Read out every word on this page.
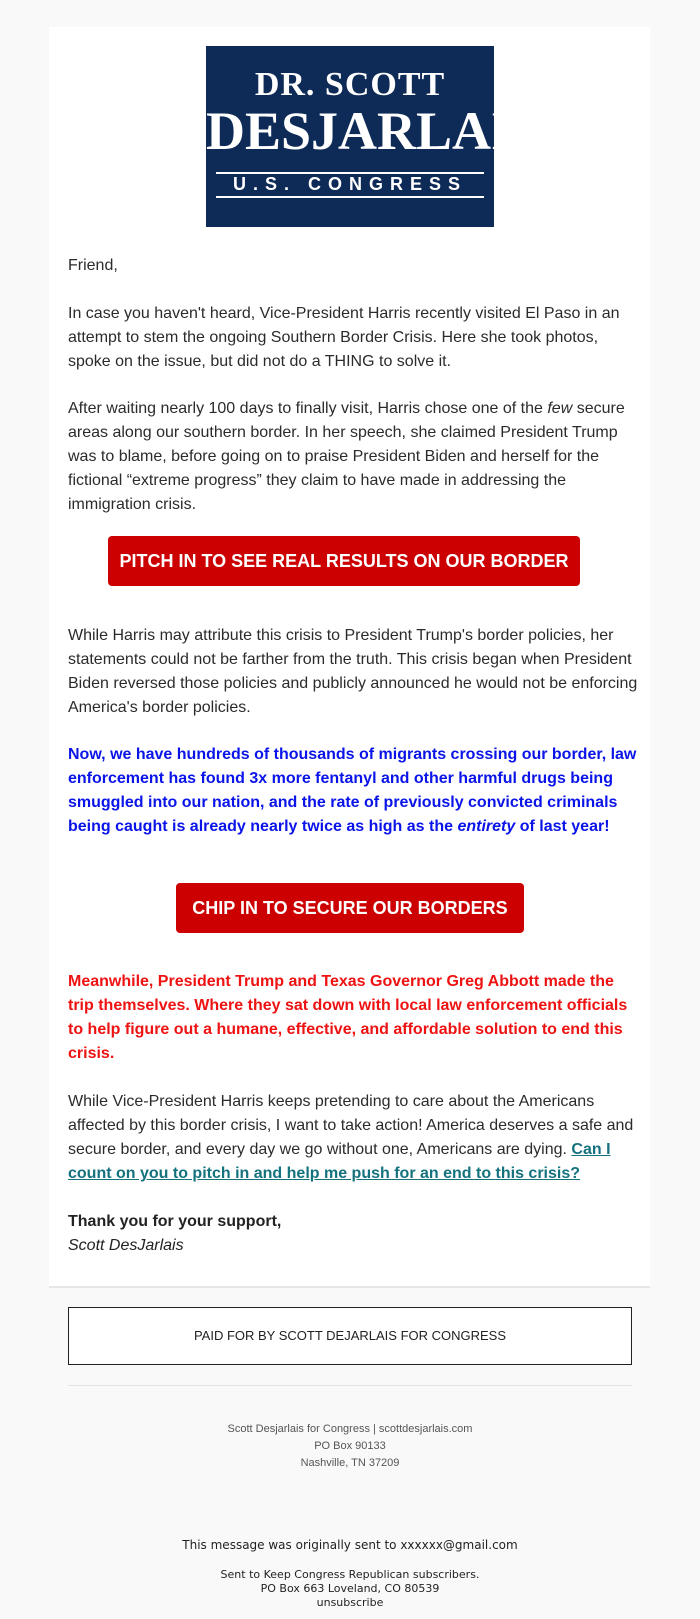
DR. SCOTT
DESJARLAIS
U.S. CONGRESS

Friend,

In case you haven't heard, Vice-President Harris recently visited El Paso in an attempt to stem the ongoing Southern Border Crisis. Here she took photos, spoke on the issue, but did not do a THING to solve it.

After waiting nearly 100 days to finally visit, Harris chose one of the few secure areas along our southern border. In her speech, she claimed President Trump was to blame, before going on to praise President Biden and herself for the fictional “extreme progress” they claim to have made in addressing the immigration crisis.

PITCH IN TO SEE REAL RESULTS ON OUR BORDER

While Harris may attribute this crisis to President Trump's border policies, her statements could not be farther from the truth. This crisis began when President Biden reversed those policies and publicly announced he would not be enforcing America's border policies.

Now, we have hundreds of thousands of migrants crossing our border, law enforcement has found 3x more fentanyl and other harmful drugs being smuggled into our nation, and the rate of previously convicted criminals being caught is already nearly twice as high as the entirety of last year!

CHIP IN TO SECURE OUR BORDERS

Meanwhile, President Trump and Texas Governor Greg Abbott made the trip themselves. Where they sat down with local law enforcement officials to help figure out a humane, effective, and affordable solution to end this crisis.

While Vice-President Harris keeps pretending to care about the Americans affected by this border crisis, I want to take action! America deserves a safe and secure border, and every day we go without one, Americans are dying. Can I count on you to pitch in and help me push for an end to this crisis?

Thank you for your support,

Scott DesJarlais

PAID FOR BY SCOTT DEJARLAIS FOR CONGRESS
Scott Desjarlais for Congress | scottdesjarlais.com
PO Box 90133
Nashville, TN 37209
This message was originally sent to xxxxxx@gmail.com
Sent to Keep Congress Republican subscribers.
PO Box 663 Loveland, CO 80539
unsubscribe
